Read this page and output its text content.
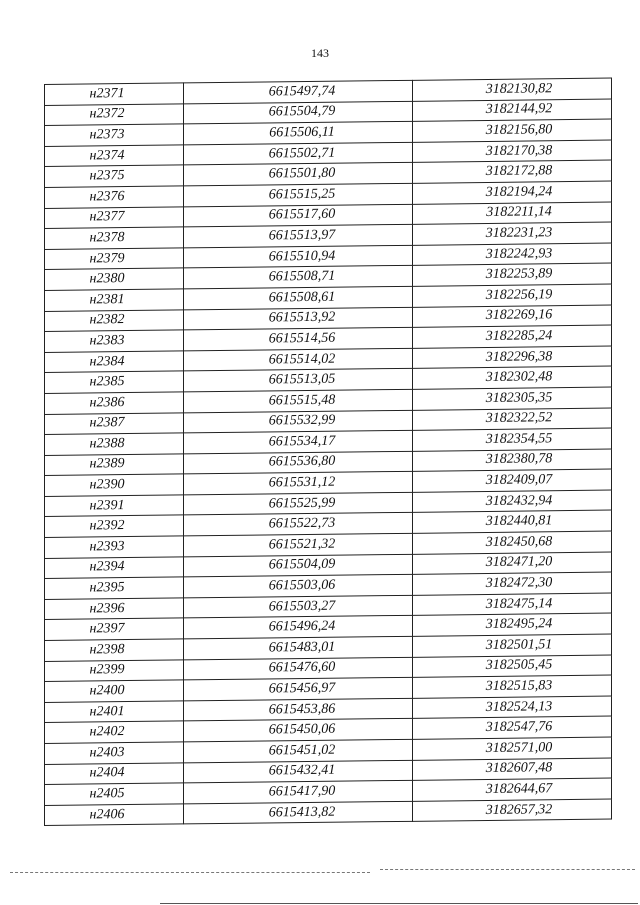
143
н2371	6615497,74	3182130,82
н2372	6615504,79	3182144,92
н2373	6615506,11	3182156,80
н2374	6615502,71	3182170,38
н2375	6615501,80	3182172,88
н2376	6615515,25	3182194,24
н2377	6615517,60	3182211,14
н2378	6615513,97	3182231,23
н2379	6615510,94	3182242,93
н2380	6615508,71	3182253,89
н2381	6615508,61	3182256,19
н2382	6615513,92	3182269,16
н2383	6615514,56	3182285,24
н2384	6615514,02	3182296,38
н2385	6615513,05	3182302,48
н2386	6615515,48	3182305,35
н2387	6615532,99	3182322,52
н2388	6615534,17	3182354,55
н2389	6615536,80	3182380,78
н2390	6615531,12	3182409,07
н2391	6615525,99	3182432,94
н2392	6615522,73	3182440,81
н2393	6615521,32	3182450,68
н2394	6615504,09	3182471,20
н2395	6615503,06	3182472,30
н2396	6615503,27	3182475,14
н2397	6615496,24	3182495,24
н2398	6615483,01	3182501,51
н2399	6615476,60	3182505,45
н2400	6615456,97	3182515,83
н2401	6615453,86	3182524,13
н2402	6615450,06	3182547,76
н2403	6615451,02	3182571,00
н2404	6615432,41	3182607,48
н2405	6615417,90	3182644,67
н2406	6615413,82	3182657,32
